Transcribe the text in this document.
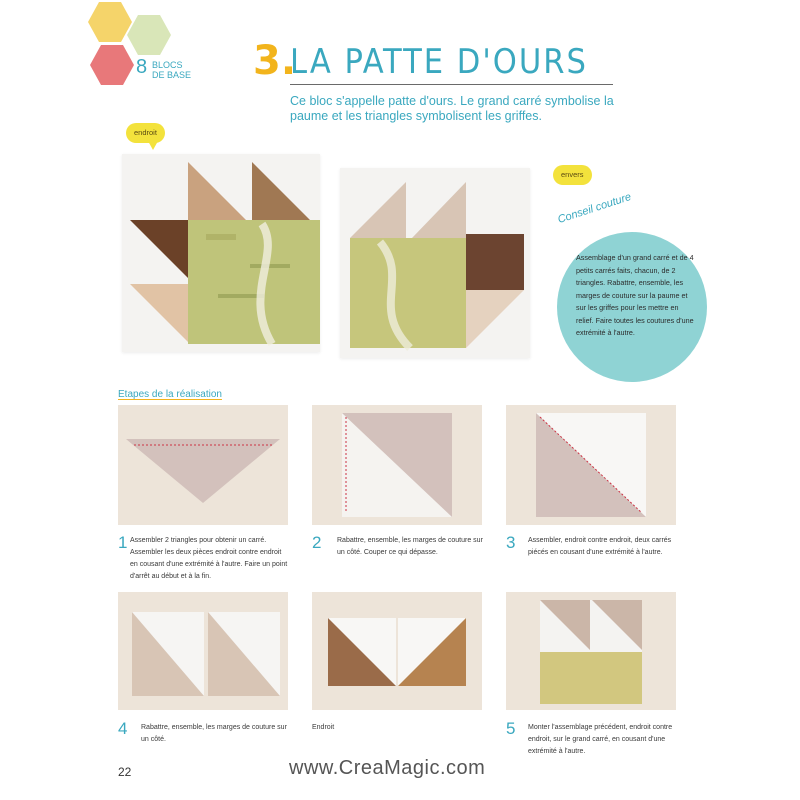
8 BLOCS
DE BASE 3.
LA PATTE D'OURS
Ce bloc s'appelle patte d'ours. Le grand carré symbolise la paume et les triangles symbolisent les griffes.
endroit
envers
Conseil couture
Assemblage d'un grand carré et de 4 petits carrés faits, chacun, de 2 triangles. Rabattre, ensemble, les marges de couture sur la paume et sur les griffes pour les mettre en relief. Faire toutes les coutures d'une extrémité à l'autre.
Etapes de la réalisation
1 Assembler 2 triangles pour obtenir un carré. Assembler les deux pièces endroit contre endroit en cousant d'une extrémité à l'autre. Faire un point d'arrêt au début et à la fin.
2 Rabattre, ensemble, les marges de couture sur un côté. Couper ce qui dépasse.
3 Assembler, endroit contre endroit, deux carrés piécés en cousant d'une extrémité à l'autre.
4 Rabattre, ensemble, les marges de couture sur un côté.
Endroit	5 Monter l'assemblage précédent, endroit contre endroit, sur le grand carré, en cousant d'une extrémité à l'autre.
22	www.CreaMagic.com
